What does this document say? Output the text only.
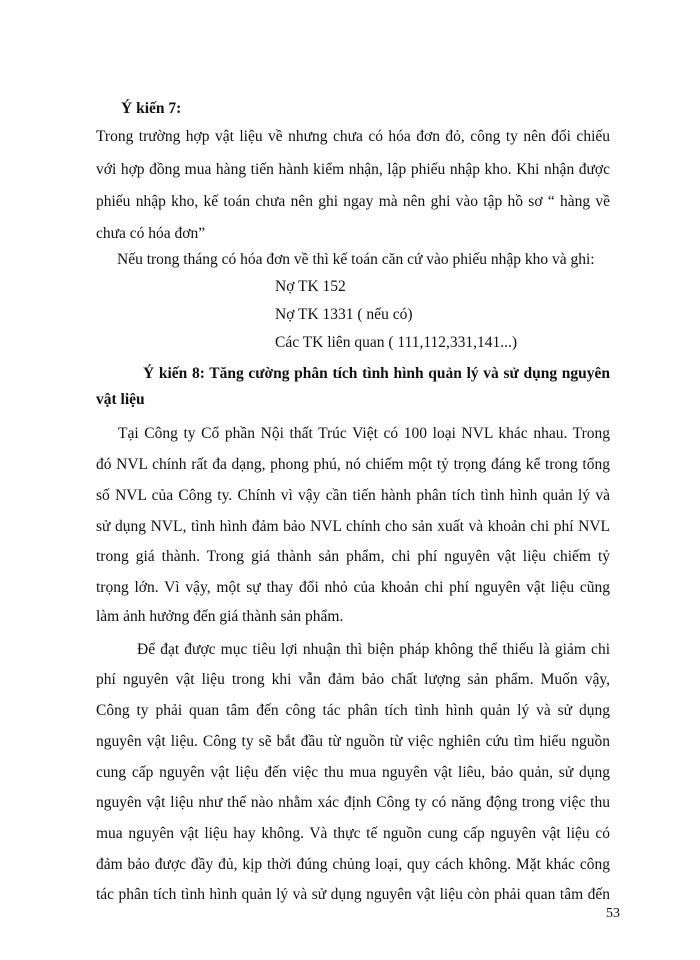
Ý kiến 7:
Trong trường hợp vật liệu về nhưng chưa có hóa đơn đỏ, công ty nên đối chiếu
với hợp đồng mua hàng tiến hành kiểm nhận, lập phiếu nhập kho. Khi nhận được
phiếu nhập kho, kế toán chưa nên ghi ngay mà nên ghi vào tập hồ sơ “ hàng về
chưa có hóa đơn”
Nếu trong tháng có hóa đơn về thì kế toán căn cứ vào phiếu nhập kho và ghi:
Nợ TK 152
Nợ TK 1331 ( nếu có)
Các TK liên quan ( 111,112,331,141...)
Ý kiến 8: Tăng cường phân tích tình hình quản lý và sử dụng nguyên
vật liệu
Tại Công ty Cổ phần Nội thất Trúc Việt có 100 loại NVL khác nhau. Trong
đó NVL chính rất đa dạng, phong phú, nó chiếm một tỷ trọng đáng kể trong tổng
số NVL của Công ty. Chính vì vậy cần tiến hành phân tích tình hình quản lý và
sử dụng NVL, tình hình đảm bảo NVL chính cho sản xuất và khoản chi phí NVL
trong giá thành. Trong giá thành sản phẩm, chi phí nguyên vật liệu chiếm tỷ
trọng lớn. Vì vậy, một sự thay đổi nhỏ của khoản chi phí nguyên vật liệu cũng
làm ảnh hưởng đến giá thành sản phẩm.
Để đạt được mục tiêu lợi nhuận thì biện pháp không thể thiếu là giảm chi
phí nguyên vật liệu trong khi vẫn đảm bảo chất lượng sản phẩm. Muốn vậy,
Công ty phải quan tâm đến công tác phân tích tình hình quản lý và sử dụng
nguyên vật liệu. Công ty sẽ bắt đầu từ nguồn từ việc nghiên cứu tìm hiểu nguồn
cung cấp nguyên vật liệu đến việc thu mua nguyên vật liêu, bảo quản, sử dụng
nguyên vật liệu như thế nào nhằm xác định Công ty có năng động trong việc thu
mua nguyên vật liệu hay không. Và thực tế nguồn cung cấp nguyên vật liệu có
đảm bảo được đầy đủ, kịp thời đúng chủng loại, quy cách không. Mặt khác công
tác phân tích tình hình quản lý và sử dụng nguyên vật liệu còn phải quan tâm đến
53
